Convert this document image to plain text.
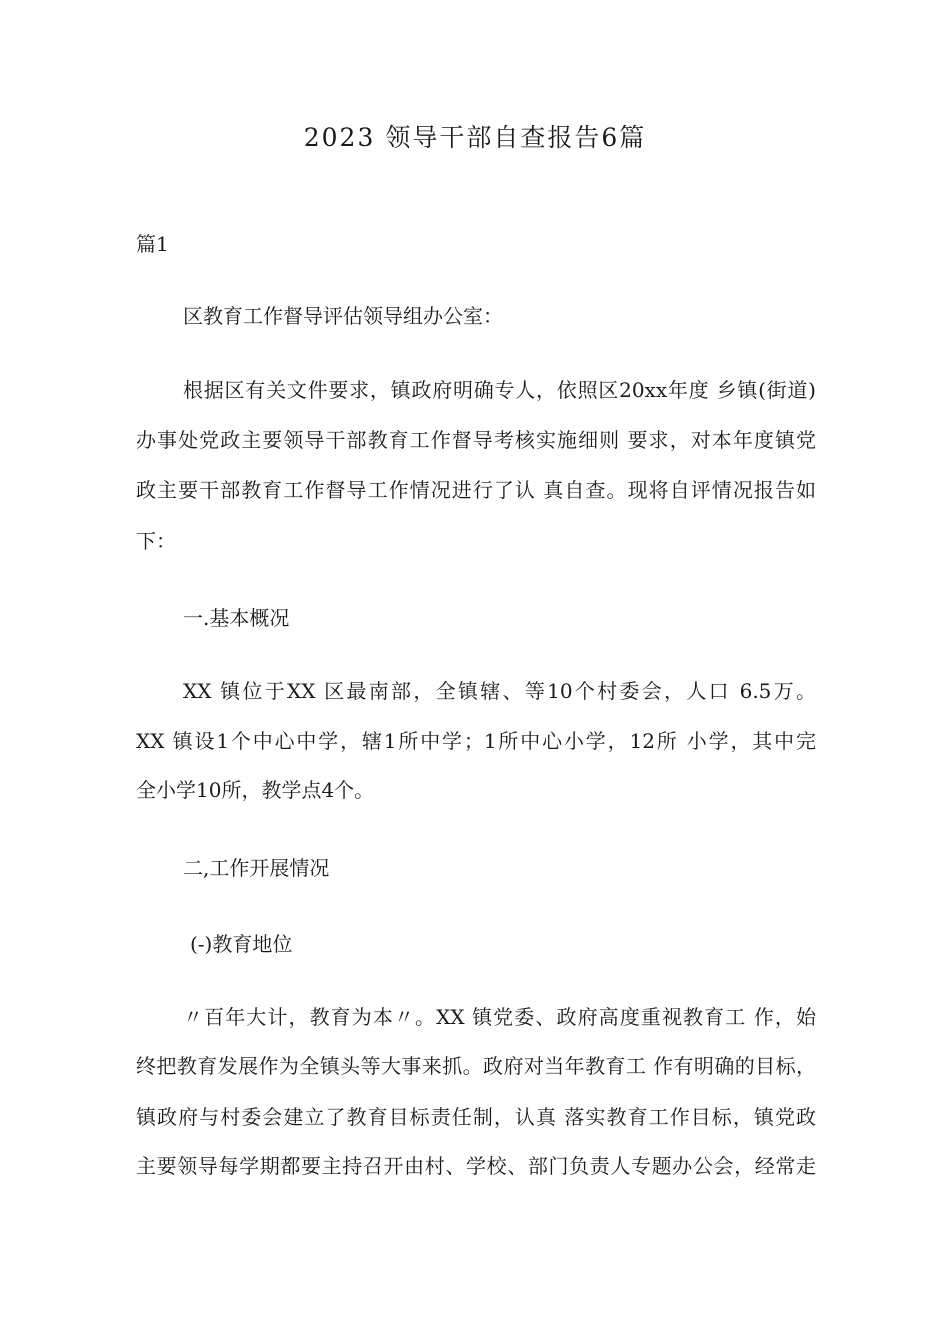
2023 领导干部自查报告6篇

篇1

区教育工作督导评估领导组办公室：

根据区有关文件要求，镇政府明确专人，依照区20xx年度 乡镇(街道)

办事处党政主要领导干部教育工作督导考核实施细则 要求，对本年度镇党

政主要干部教育工作督导工作情况进行了认 真自查。现将自评情况报告如

下：

一.基本概况

XX 镇位于XX 区最南部，全镇辖、等10个村委会，人口 6.5万。

XX 镇设1个中心中学，辖1所中学；1所中心小学，12所 小学，其中完

全小学10所，教学点4个。

二,工作开展情况

(-)教育地位

〃百年大计，教育为本〃。XX 镇党委、政府高度重视教育工 作，始

终把教育发展作为全镇头等大事来抓。政府对当年教育工 作有明确的目标，

镇政府与村委会建立了教育目标责任制，认真 落实教育工作目标，镇党政

主要领导每学期都要主持召开由村、学校、部门负责人专题办公会，经常走
